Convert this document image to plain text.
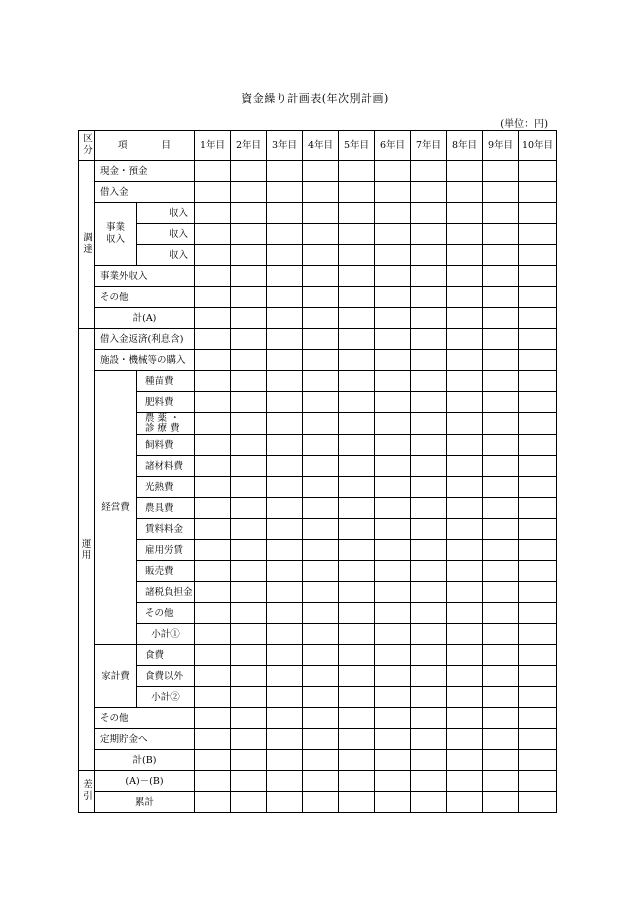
資金繰り計画表(年次別計画)
(単位：円)
区分	項 目		1年目	2年目	3年目	4年目	5年目	6年目	7年目	8年目	9年目	10年目
調達	現金・預金											
	借入金											
	事業収入	収入										
		収入										
		収入										
	事業外収入											
	その他											
	計(A)											

運
用	借入金返済(利息含)											
	施設・機械等の購入											
	経営費	種苗費										
		肥料費										

		農薬・診療費										

		飼料費										
		諸材料費										
		光熱費										
		農具費										
		賃料料金										
		雇用労賃										
		販売費										
		諸税負担金										
		その他										
		小計①										
	家計費	食費										
		食費以外										
		小計②										
	その他											
	定期貯金へ											
	計(B)											
差引	(A)－(B)											
	累計											
